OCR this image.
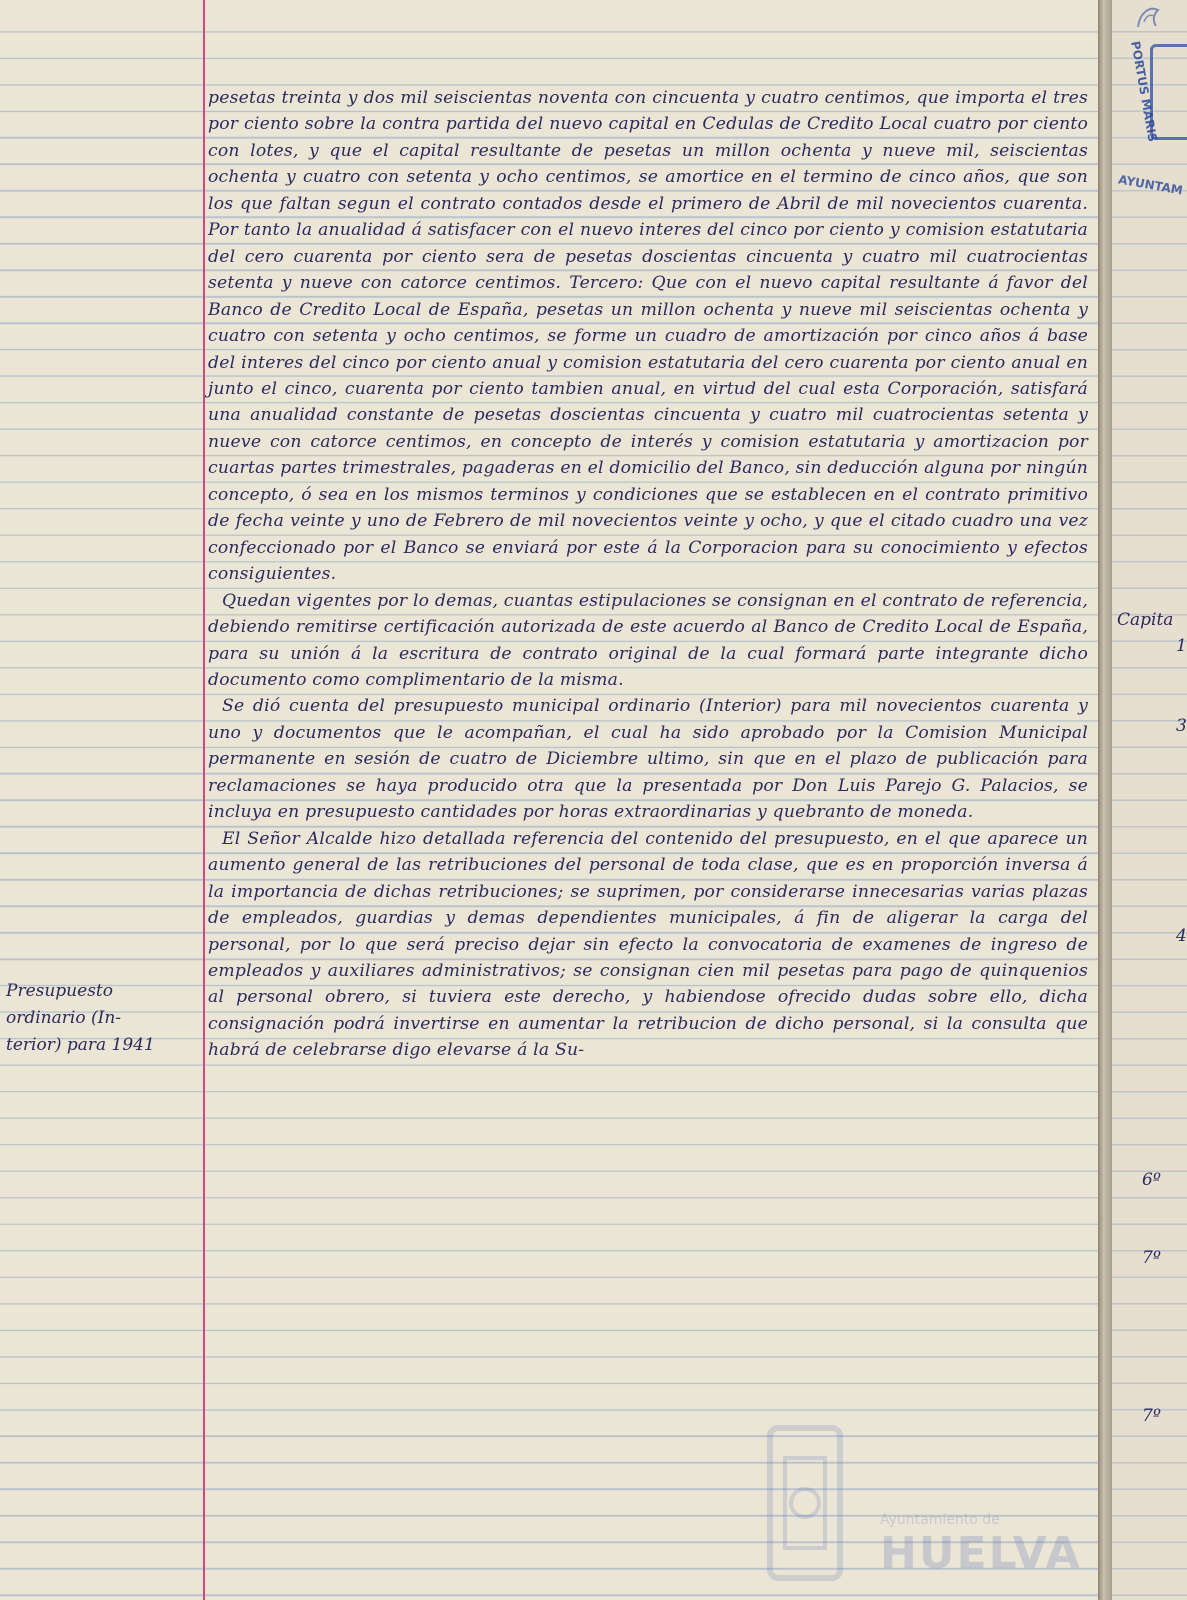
Presupuesto
ordinario (In-
terior) para 1941

pesetas treinta y dos mil seiscientas noventa con cincuenta y cuatro centimos, que importa el tres por ciento sobre la contra partida del nuevo capital en Cedulas de Credito Local cuatro por ciento con lotes, y que el capital resultante de pesetas un millon ochenta y nueve mil, seiscientas ochenta y cuatro con setenta y ocho centimos, se amortice en el termino de cinco años, que son los que faltan segun el contrato contados desde el primero de Abril de mil novecientos cuarenta. Por tanto la anualidad á satisfacer con el nuevo interes del cinco por ciento y comision estatutaria del cero cuarenta por ciento sera de pesetas doscientas cincuenta y cuatro mil cuatrocientas setenta y nueve con catorce centimos. Tercero: Que con el nuevo capital resultante á favor del Banco de Credito Local de España, pesetas un millon ochenta y nueve mil seiscientas ochenta y cuatro con setenta y ocho centimos, se forme un cuadro de amortización por cinco años á base del interes del cinco por ciento anual y comision estatutaria del cero cuarenta por ciento anual en junto el cinco, cuarenta por ciento tambien anual, en virtud del cual esta Corporación, satisfará una anualidad constante de pesetas doscientas cincuenta y cuatro mil cuatrocientas setenta y nueve con catorce centimos, en concepto de interés y comision estatutaria y amortizacion por cuartas partes trimestrales, pagaderas en el domicilio del Banco, sin deducción alguna por ningún concepto, ó sea en los mismos terminos y condiciones que se establecen en el contrato primitivo de fecha veinte y uno de Febrero de mil novecientos veinte y ocho, y que el citado cuadro una vez confeccionado por el Banco se enviará por este á la Corporacion para su conocimiento y efectos consiguientes.

Quedan vigentes por lo demas, cuantas estipulaciones se consignan en el contrato de referencia, debiendo remitirse certificación autorizada de este acuerdo al Banco de Credito Local de España, para su unión á la escritura de contrato original de la cual formará parte integrante dicho documento como complimentario de la misma.

Se dió cuenta del presupuesto municipal ordinario (Interior) para mil novecientos cuarenta y uno y documentos que le acompañan, el cual ha sido aprobado por la Comision Municipal permanente en sesión de cuatro de Diciembre ultimo, sin que en el plazo de publicación para reclamaciones se haya producido otra que la presentada por Don Luis Parejo G. Palacios, se incluya en presupuesto cantidades por horas extraordinarias y quebranto de moneda.

El Señor Alcalde hizo detallada referencia del contenido del presupuesto, en el que aparece un aumento general de las retribuciones del personal de toda clase, que es en proporción inversa á la importancia de dichas retribuciones; se suprimen, por considerarse innecesarias varias plazas de empleados, guardias y demas dependientes municipales, á fin de aligerar la carga del personal, por lo que será preciso dejar sin efecto la convocatoria de examenes de ingreso de empleados y auxiliares administrativos; se consignan cien mil pesetas para pago de quinquenios al personal obrero, si tuviera este derecho, y habiendose ofrecido dudas sobre ello, dicha consignación podrá invertirse en aumentar la retribucion de dicho personal, si la consulta que habrá de celebrarse digo elevarse á la Su-

Ayuntamiento de
HUELVA
AYUNTAM
Capita
1
3
4
6º
7º
7º
